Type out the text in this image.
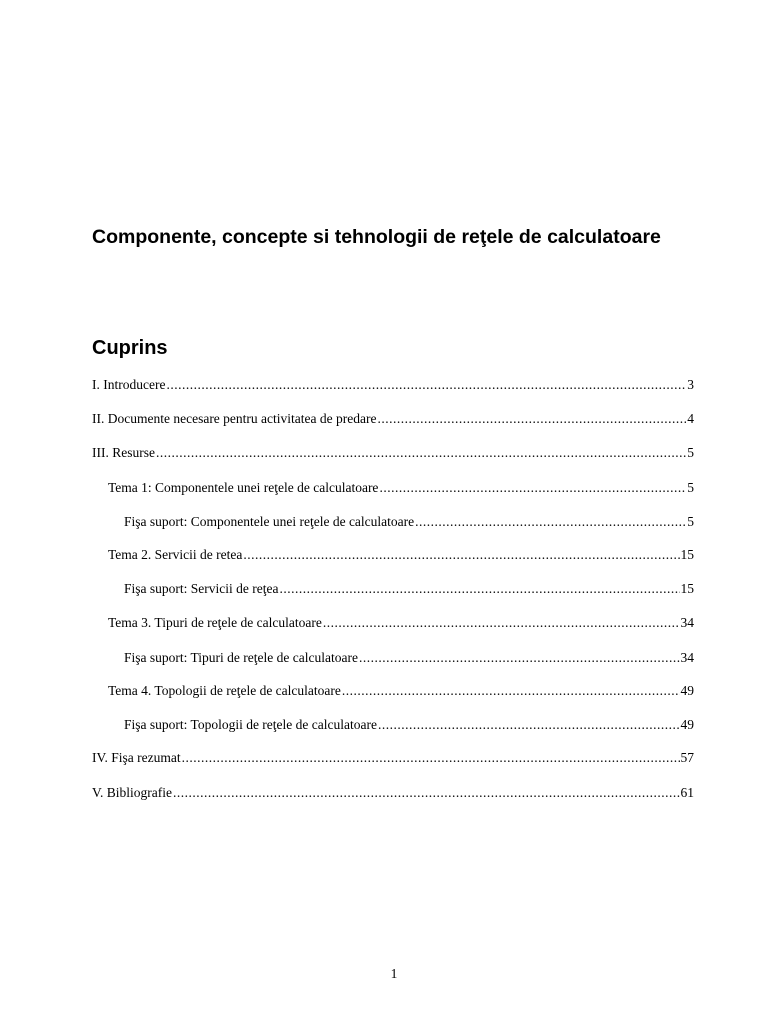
Componente, concepte si tehnologii de reţele de calculatoare
Cuprins
I. Introducere .....	3
II. Documente necesare pentru activitatea de predare .....	4
III. Resurse .....	5
Tema 1: Componentele unei reţele de calculatoare .....	5
Fişa suport: Componentele unei reţele de calculatoare .....	5
Tema 2. Servicii de retea .....	15
Fişa suport: Servicii de reţea .....	15
Tema 3. Tipuri de reţele de calculatoare .....	34
Fişa suport: Tipuri de reţele de calculatoare .....	34
Tema 4. Topologii de reţele de calculatoare .....	49
Fişa suport: Topologii de reţele de calculatoare .....	49
IV. Fişa rezumat .....	57
V. Bibliografie .....	61
1
